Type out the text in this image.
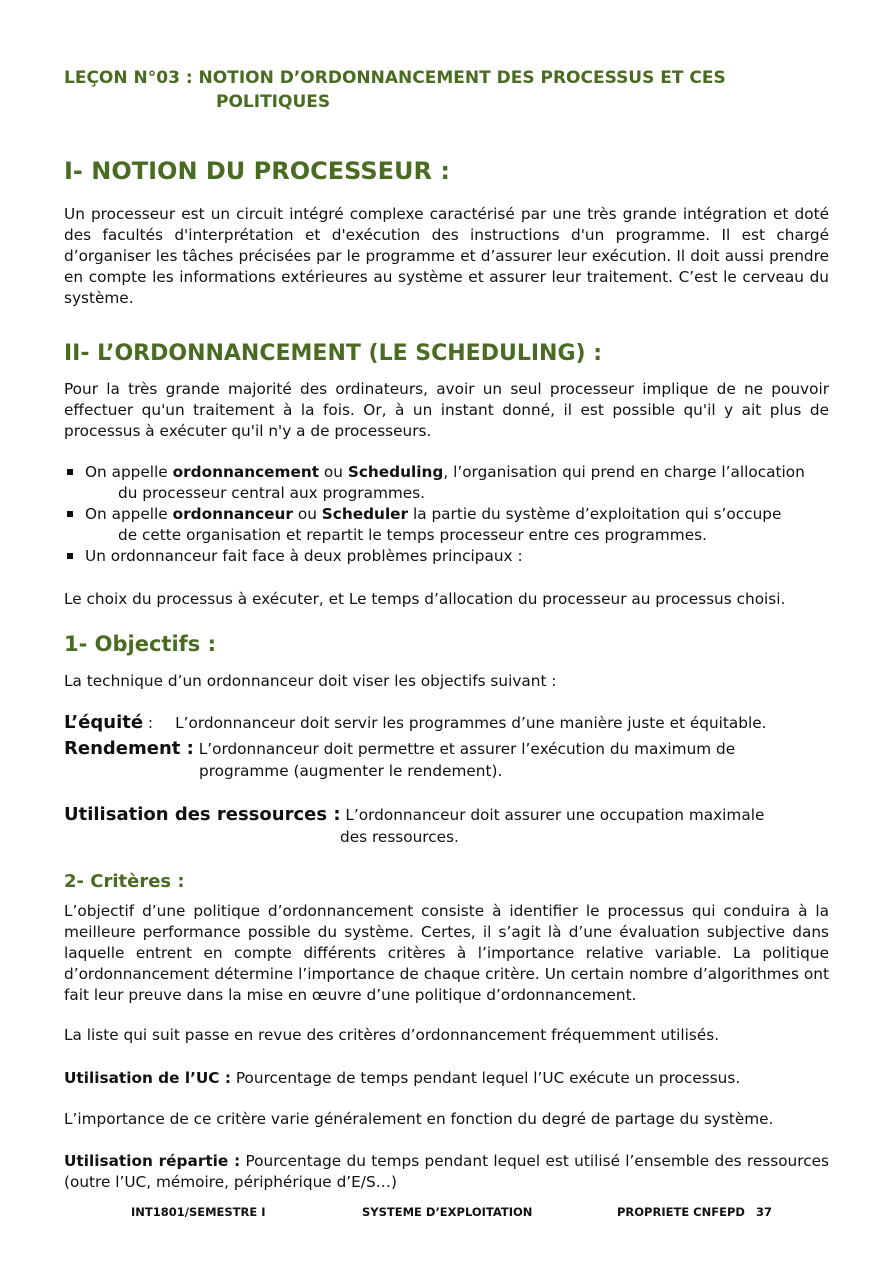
LEÇON N°03 : NOTION D’ORDONNANCEMENT DES PROCESSUS ET CES
POLITIQUES
I- NOTION DU PROCESSEUR :

Un processeur est un circuit intégré complexe caractérisé par une très grande intégration et doté des facultés d'interprétation et d'exécution des instructions d'un programme. Il est chargé d’organiser les tâches précisées par le programme et d’assurer leur exécution. Il doit aussi prendre en compte les informations extérieures au système et assurer leur traitement. C’est le cerveau du système.

II- L’ORDONNANCEMENT (LE SCHEDULING) :

Pour la très grande majorité des ordinateurs, avoir un seul processeur implique de ne pouvoir effectuer qu'un traitement à la fois. Or, à un instant donné, il est possible qu'il y ait plus de processus à exécuter qu'il n'y a de processeurs.

On appelle ordonnancement ou Scheduling, l’organisation qui prend en charge l’allocation
du processeur central aux programmes.
On appelle ordonnanceur ou Scheduler la partie du système d’exploitation qui s’occupe
de cette organisation et repartit le temps processeur entre ces programmes.
Un ordonnanceur fait face à deux problèmes principaux :

Le choix du processus à exécuter, et Le temps d’allocation du processeur au processus choisi.

1- Objectifs :

La technique d’un ordonnanceur doit viser les objectifs suivant :

L’équité : L’ordonnanceur doit servir les programmes d’une manière juste et équitable.
Rendement : L’ordonnanceur doit permettre et assurer l’exécution du maximum de
programme (augmenter le rendement).
Utilisation des ressources : L’ordonnanceur doit assurer une occupation maximale
des ressources.
2- Critères :

L’objectif d’une politique d’ordonnancement consiste à identifier le processus qui conduira à la meilleure performance possible du système. Certes, il s’agit là d’une évaluation subjective dans laquelle entrent en compte différents critères à l’importance relative variable. La politique d’ordonnancement détermine l’importance de chaque critère. Un certain nombre d’algorithmes ont fait leur preuve dans la mise en œuvre d’une politique d’ordonnancement.

La liste qui suit passe en revue des critères d’ordonnancement fréquemment utilisés.

Utilisation de l’UC : Pourcentage de temps pendant lequel l’UC exécute un processus.

L’importance de ce critère varie généralement en fonction du degré de partage du système.

Utilisation répartie : Pourcentage du temps pendant lequel est utilisé l’ensemble des ressources (outre l’UC, mémoire, périphérique d’E/S…)

INT1801/SEMESTRE I	SYSTEME D’EXPLOITATION	PROPRIETE CNFEPD 37
